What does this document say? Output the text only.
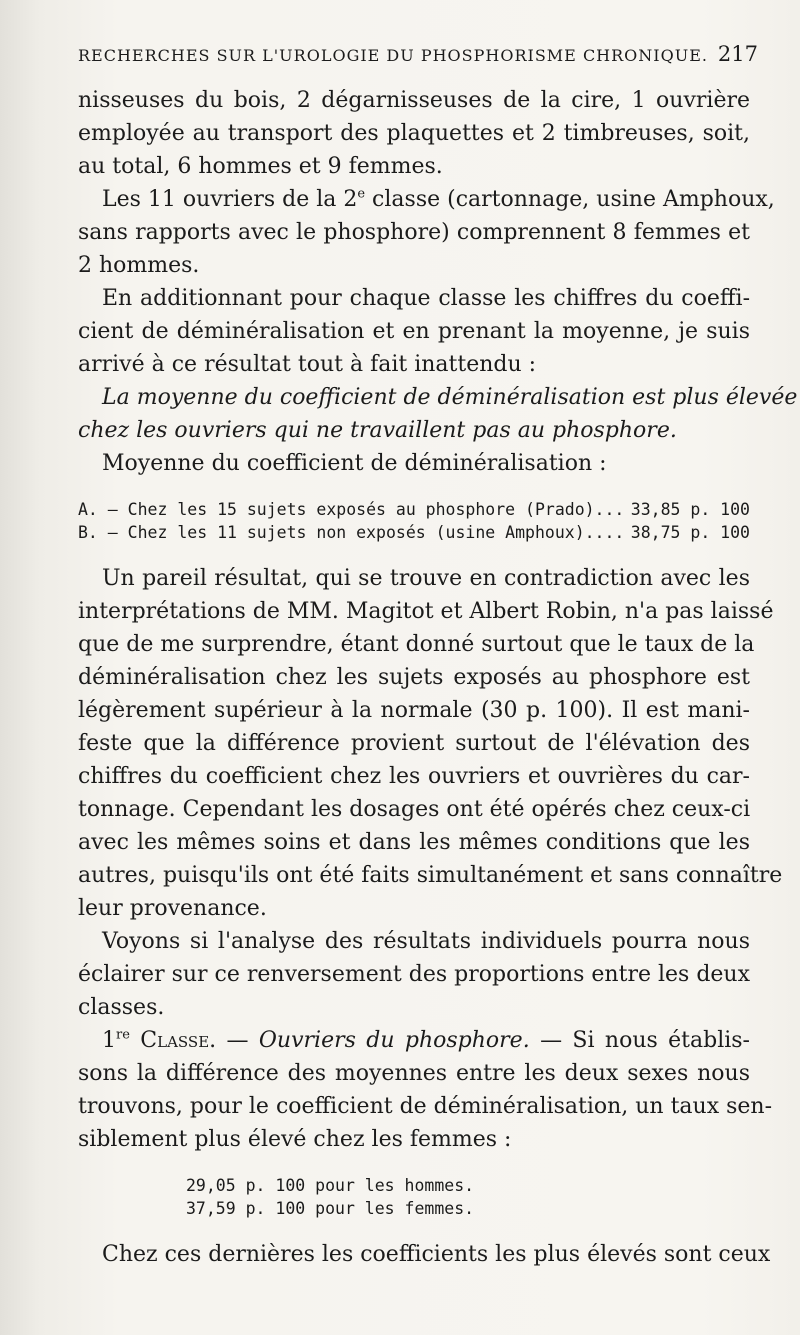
RECHERCHES SUR L'UROLOGIE DU PHOSPHORISME CHRONIQUE. 217
nisseuses du bois, 2 dégarnisseuses de la cire, 1 ouvrière
employée au transport des plaquettes et 2 timbreuses, soit,
au total, 6 hommes et 9 femmes.
Les 11 ouvriers de la 2e classe (cartonnage, usine Amphoux,
sans rapports avec le phosphore) comprennent 8 femmes et
2 hommes.
En additionnant pour chaque classe les chiffres du coeffi-
cient de déminéralisation et en prenant la moyenne, je suis
arrivé à ce résultat tout à fait inattendu :
La moyenne du coefficient de déminéralisation est plus élevée
chez les ouvriers qui ne travaillent pas au phosphore.
Moyenne du coefficient de déminéralisation :
A. — Chez les 15 sujets exposés au phosphore (Prado)... 33,85 p. 100
B. — Chez les 11 sujets non exposés (usine Amphoux).... 38,75 p. 100
Un pareil résultat, qui se trouve en contradiction avec les
interprétations de MM. Magitot et Albert Robin, n'a pas laissé
que de me surprendre, étant donné surtout que le taux de la
déminéralisation chez les sujets exposés au phosphore est
légèrement supérieur à la normale (30 p. 100). Il est mani-
feste que la différence provient surtout de l'élévation des
chiffres du coefficient chez les ouvriers et ouvrières du car-
tonnage. Cependant les dosages ont été opérés chez ceux-ci
avec les mêmes soins et dans les mêmes conditions que les
autres, puisqu'ils ont été faits simultanément et sans connaître
leur provenance.
Voyons si l'analyse des résultats individuels pourra nous
éclairer sur ce renversement des proportions entre les deux
classes.
1re Classe. — Ouvriers du phosphore. — Si nous établis-
sons la différence des moyennes entre les deux sexes nous
trouvons, pour le coefficient de déminéralisation, un taux sen-
siblement plus élevé chez les femmes :
29,05 p. 100 pour les hommes.
37,59 p. 100 pour les femmes.
Chez ces dernières les coefficients les plus élevés sont ceux
